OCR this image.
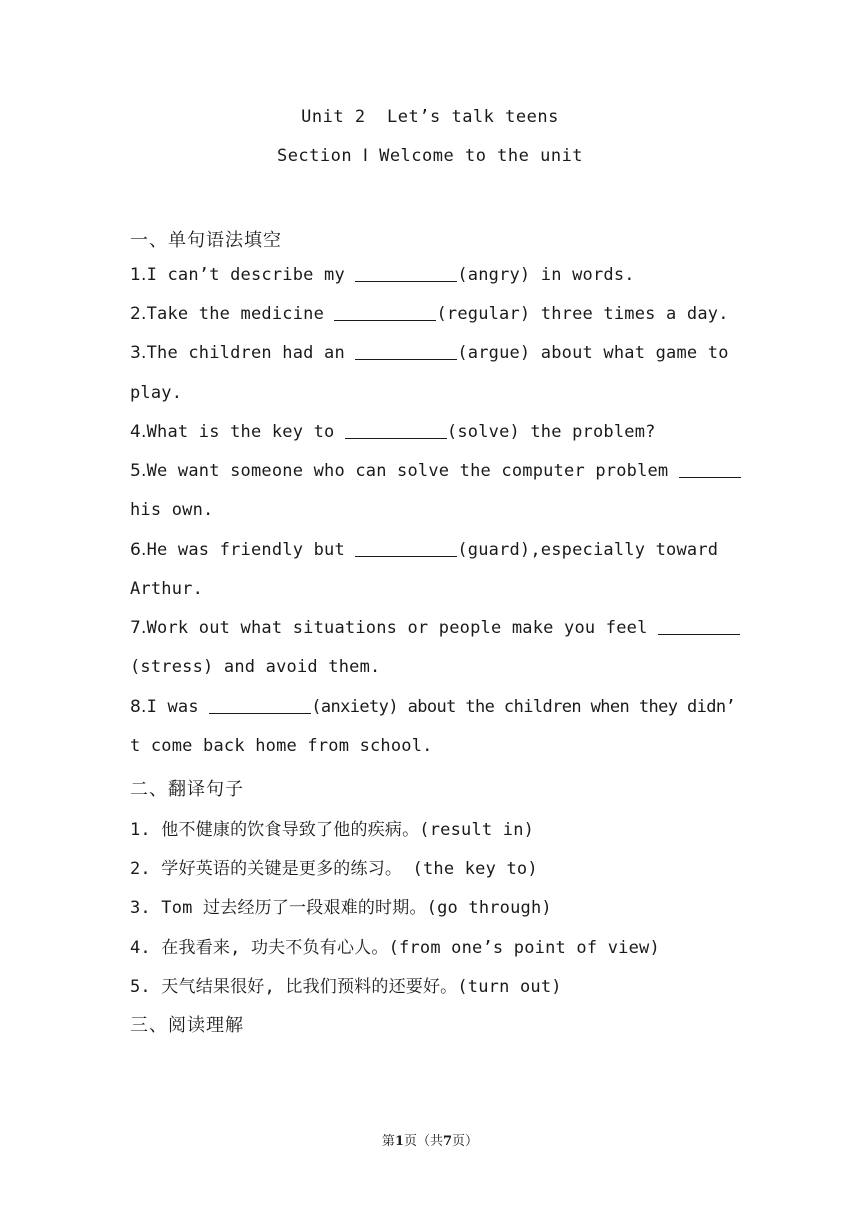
Unit 2  Let’s talk teens
Section Ⅰ Welcome to the unit
一、单句语法填空
1.I can’t describe my	(angry) in words.
2.Take the medicine	(regular) three times a day.
3.The children had an	(argue) about what game to
play.
4.What is the key to	(solve) the problem?
5.We want someone who can solve the computer problem
his own.
6.He was friendly but	(guard),especially toward
Arthur.
7.Work out what situations or people make you feel
(stress) and avoid them.
8.I was	(anxiety) about the children when they didn’
t come back home from school.
二、翻译句子
1. 他不健康的饮食导致了他的疾病。(result in)
2. 学好英语的关键是更多的练习。 (the key to)
3. Tom 过去经历了一段艰难的时期。(go through)
4. 在我看来, 功夫不负有心人。(from one’s point of view)
5. 天气结果很好, 比我们预料的还要好。(turn out)
三、阅读理解
第1页（共7页）
